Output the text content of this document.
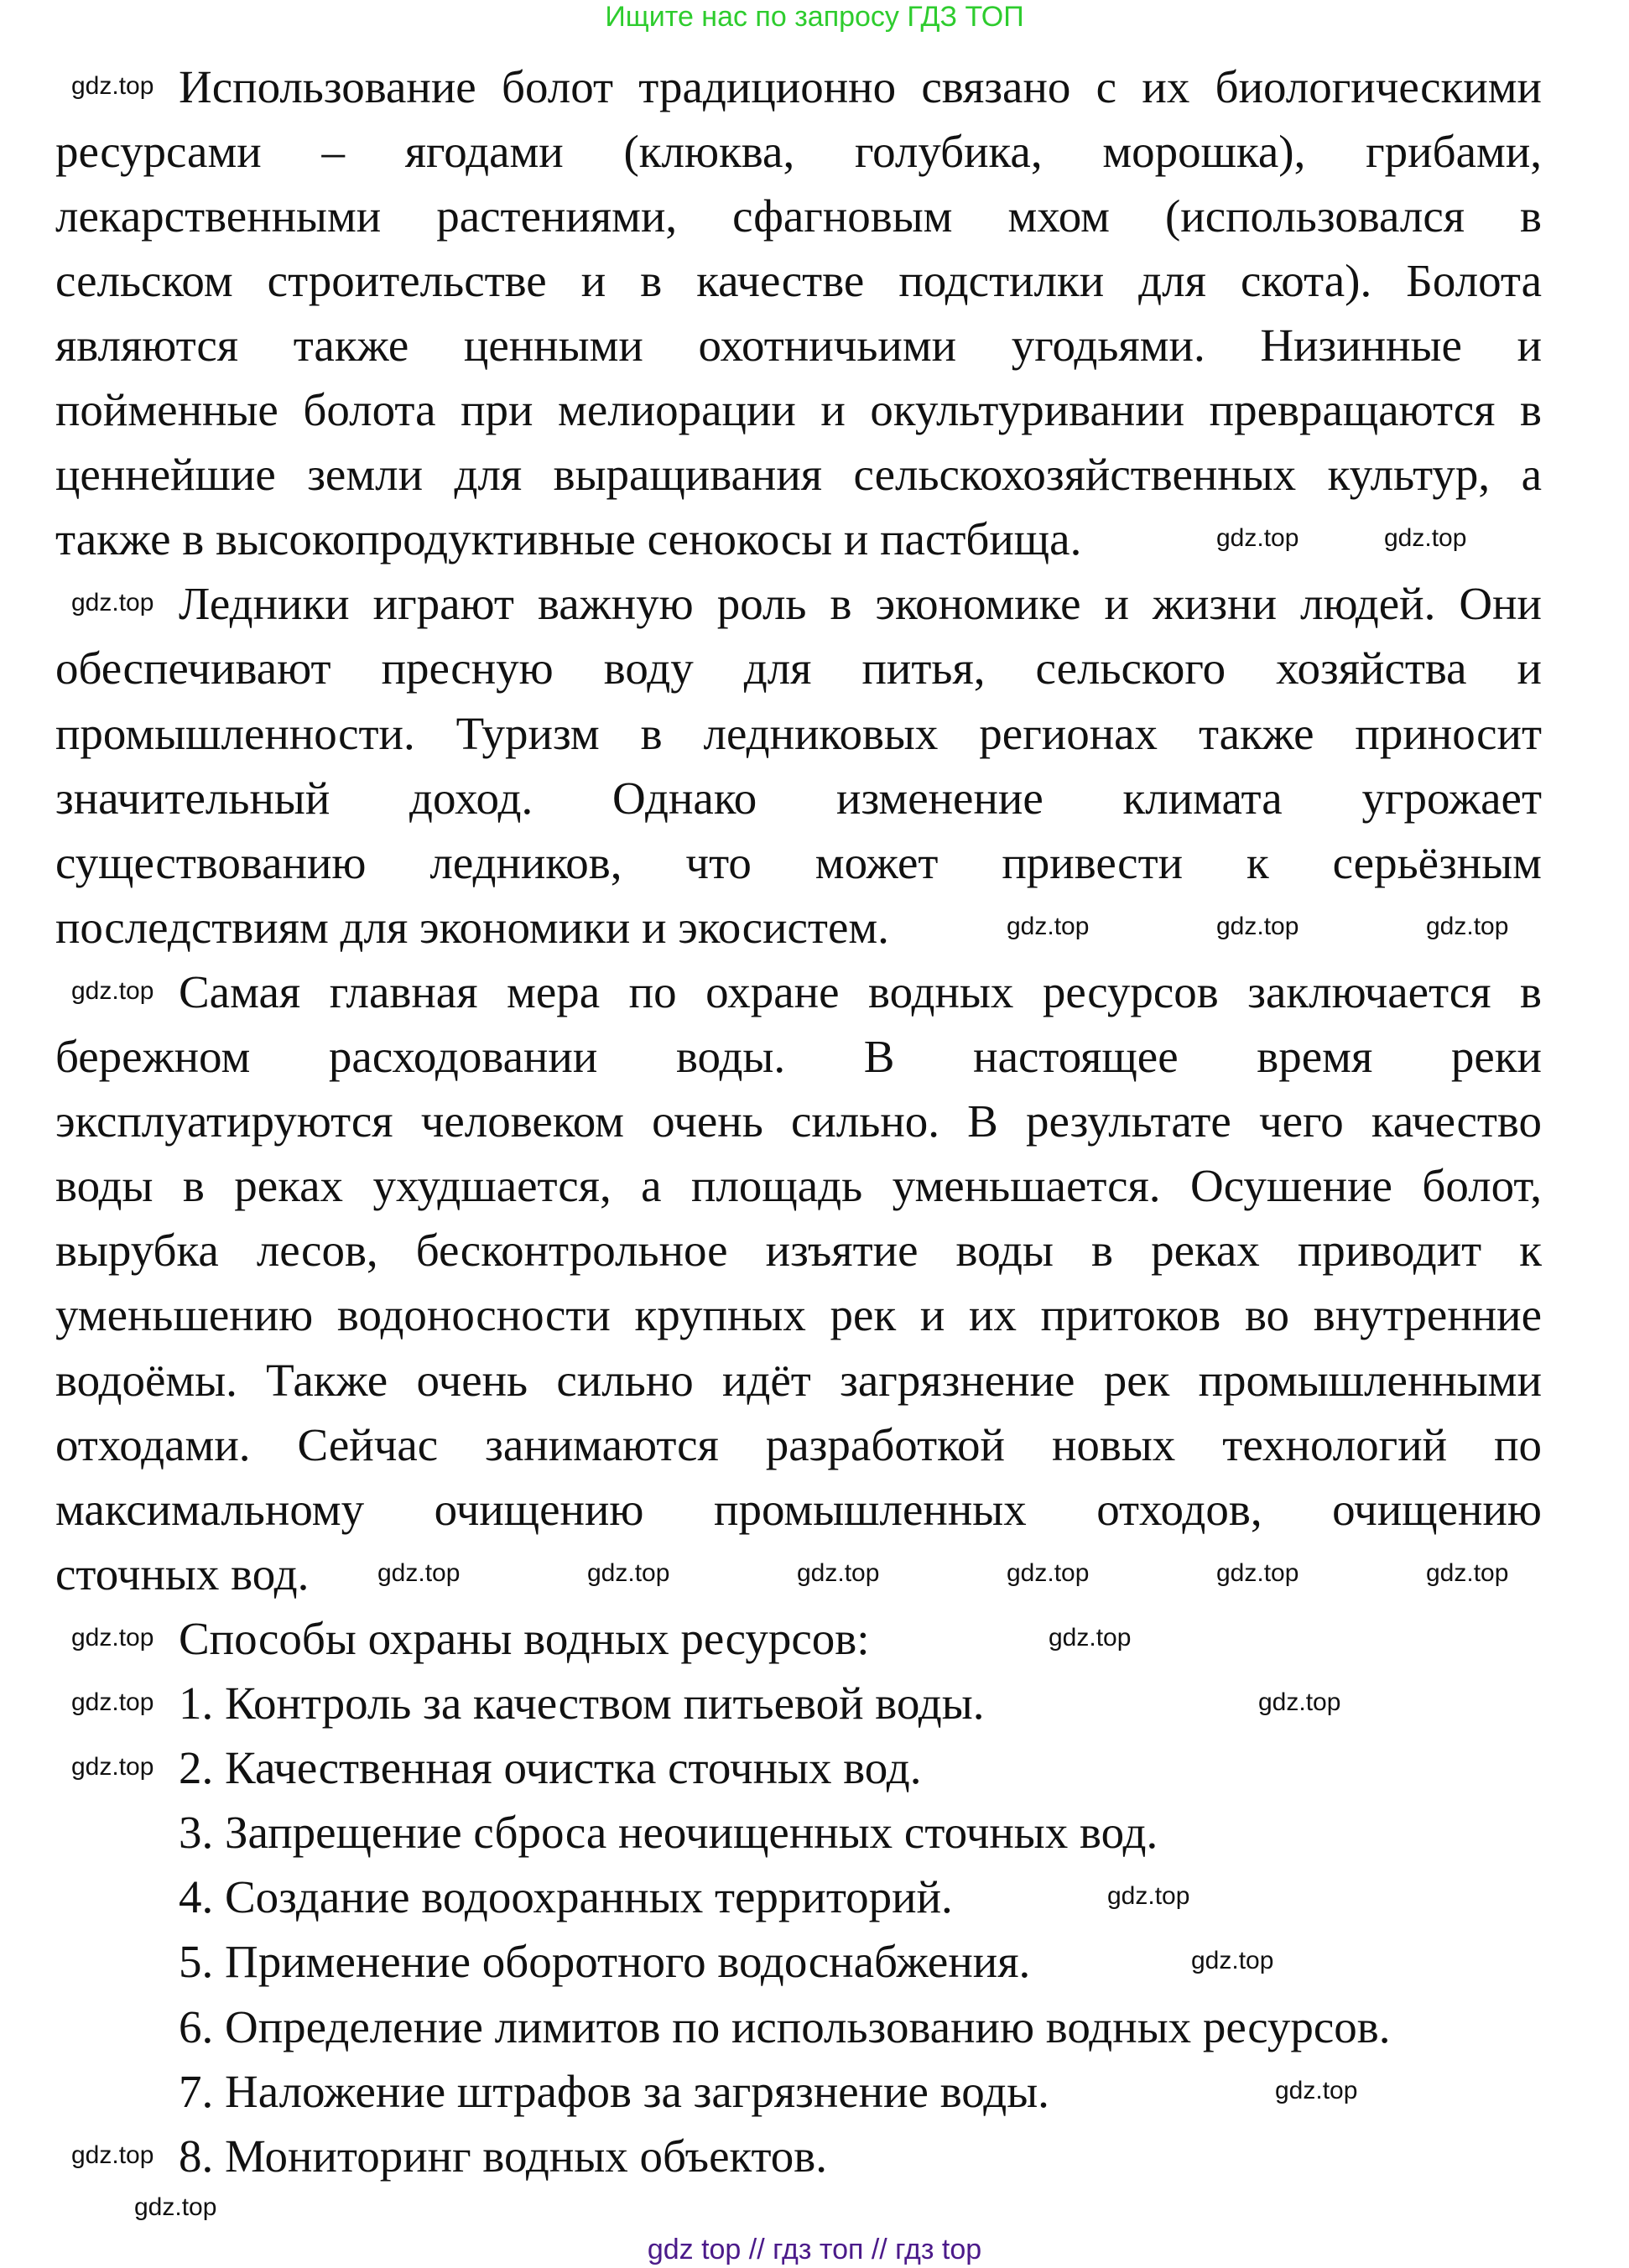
Ищите нас по запросу ГДЗ ТОП
Использование болот традиционно связано с их биологическими
ресурсами – ягодами (клюква, голубика, морошка), грибами,
лекарственными растениями, сфагновым мхом (использовался в
сельском строительстве и в качестве подстилки для скота). Болота
являются также ценными охотничьими угодьями. Низинные и
пойменные болота при мелиорации и окультуривании превращаются в
ценнейшие земли для выращивания сельскохозяйственных культур, а
также в высокопродуктивные сенокосы и пастбища.
Ледники играют важную роль в экономике и жизни людей. Они
обеспечивают пресную воду для питья, сельского хозяйства и
промышленности. Туризм в ледниковых регионах также приносит
значительный доход. Однако изменение климата угрожает
существованию ледников, что может привести к серьёзным
последствиям для экономики и экосистем.
Самая главная мера по охране водных ресурсов заключается в
бережном расходовании воды. В настоящее время реки
эксплуатируются человеком очень сильно. В результате чего качество
воды в реках ухудшается, а площадь уменьшается. Осушение болот,
вырубка лесов, бесконтрольное изъятие воды в реках приводит к
уменьшению водоносности крупных рек и их притоков во внутренние
водоёмы. Также очень сильно идёт загрязнение рек промышленными
отходами. Сейчас занимаются разработкой новых технологий по
максимальному очищению промышленных отходов, очищению
сточных вод.
Способы охраны водных ресурсов:
1. Контроль за качеством питьевой воды.
2. Качественная очистка сточных вод.
3. Запрещение сброса неочищенных сточных вод.
4. Создание водоохранных территорий.
5. Применение оборотного водоснабжения.
6. Определение лимитов по использованию водных ресурсов.
7. Наложение штрафов за загрязнение воды.
8. Мониторинг водных объектов.
gdz.top
gdz.top	gdz.top
gdz.top
gdz.top	gdz.top	gdz.top
gdz.top
gdz.top	gdz.top	gdz.top	gdz.top	gdz.top	gdz.top
gdz.top
gdz.top
gdz.top	gdz.top
gdz.top
gdz.top
gdz.top
gdz.top
gdz.top
gdz.top
gdz top // гдз топ // гдз top
